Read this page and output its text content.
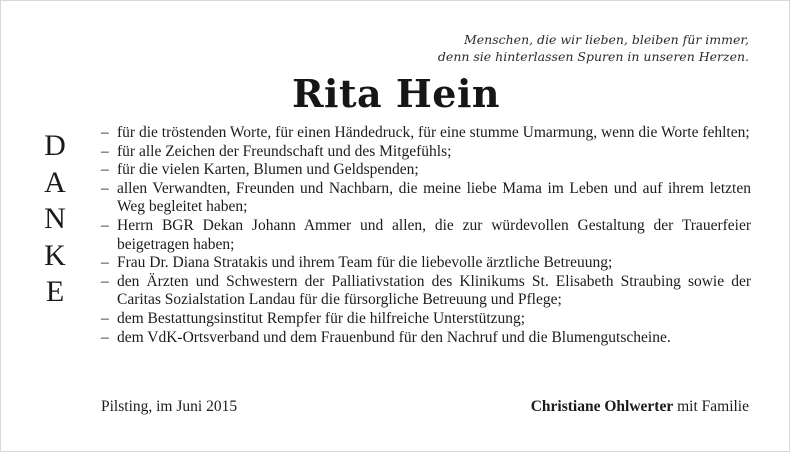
Menschen, die wir lieben, bleiben für immer,
denn sie hinterlassen Spuren in unseren Herzen.
Rita Hein
D
A
N
K
E
– für die tröstenden Worte, für einen Händedruck, für eine stumme Umarmung, wenn die Worte fehlten;
– für alle Zeichen der Freundschaft und des Mitgefühls;
– für die vielen Karten, Blumen und Geldspenden;
– allen Verwandten, Freunden und Nachbarn, die meine liebe Mama im Leben und auf ihrem letzten Weg begleitet haben;
– Herrn BGR Dekan Johann Ammer und allen, die zur würdevollen Gestaltung der Trauerfeier beigetragen haben;
– Frau Dr. Diana Stratakis und ihrem Team für die liebevolle ärztliche Betreuung;
– den Ärzten und Schwestern der Palliativstation des Klinikums St. Elisabeth Straubing sowie der Caritas Sozialstation Landau für die fürsorgliche Betreuung und Pflege;
– dem Bestattungsinstitut Rempfer für die hilfreiche Unterstützung;
– dem VdK-Ortsverband und dem Frauenbund für den Nachruf und die Blumengutscheine.
Pilsting, im Juni 2015	Christiane Ohlwerter mit Familie
